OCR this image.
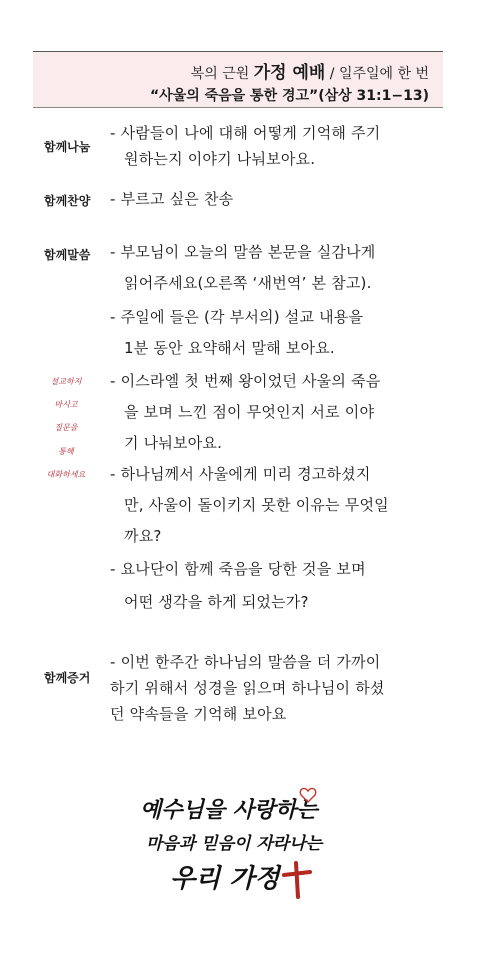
복의 근원 가정 예배 / 일주일에 한 번
“사울의 죽음을 통한 경고”(삼상 31:1−13)
함께나눔
- 사람들이 나에 대해 어떻게 기억해 주기
원하는지 이야기 나눠보아요.
함께찬양 - 부르고 싶은 찬송
함께말씀 - 부모님이 오늘의 말씀 본문을 실감나게
읽어주세요(오른쪽 ‘새번역’ 본 참고).
- 주일에 들은 (각 부서의) 설교 내용을
1분 동안 요약해서 말해 보아요.
- 이스라엘 첫 번째 왕이었던 사울의 죽음
을 보며 느낀 점이 무엇인지 서로 이야
기 나눠보아요.
- 하나님께서 사울에게 미리 경고하셨지
만, 사울이 돌이키지 못한 이유는 무엇일
까요?
- 요나단이 함께 죽음을 당한 것을 보며
어떤 생각을 하게 되었는가?
설교하지
마시고
질문을
통해
대화하세요
함께증거
- 이번 한주간 하나님의 말씀을 더 가까이
하기 위해서 성경을 읽으며 하나님이 하셨
던 약속들을 기억해 보아요
예수님을 사랑하는
마음과 믿음이 자라나는
우리 가정
